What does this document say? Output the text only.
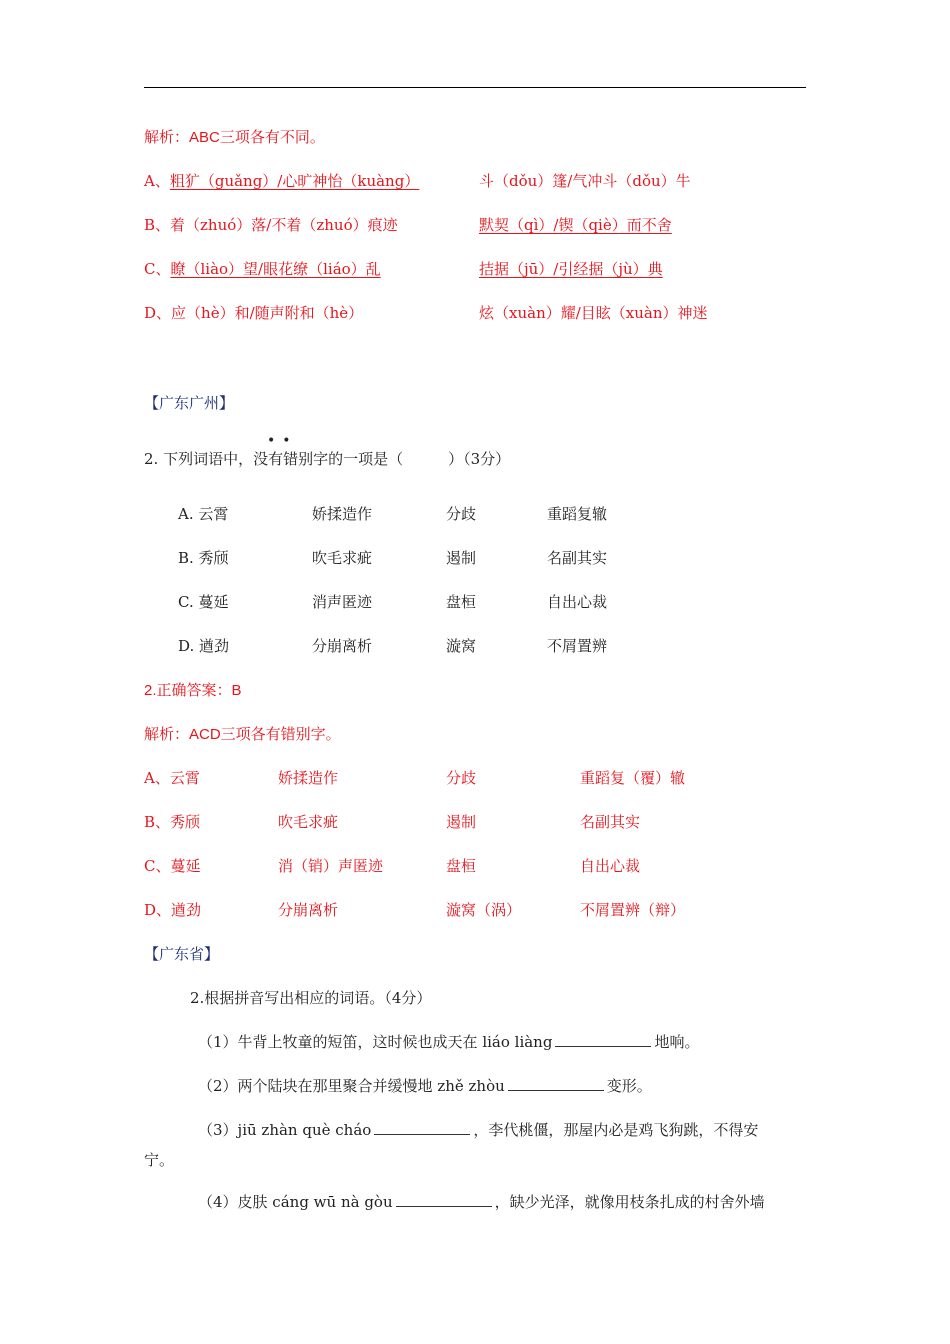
解析：ABC三项各有不同。
A、粗犷（guǎng）/心旷神怡（kuàng）	斗（dǒu）篷/气冲斗（dǒu）牛
B、着（zhuó）落/不着（zhuó）痕迹	默契（qì）/锲（qiè）而不舍
C、瞭（liào）望/眼花缭（liáo）乱	拮据（jū）/引经据（jù）典
D、应（hè）和/随声附和（hè）	炫（xuàn）耀/目眩（xuàn）神迷
【广东广州】
••
2. 下列词语中，没有错别字的一项是（　　　）（3分）
A. 云霄	娇揉造作	分歧	重蹈复辙
B. 秀颀	吹毛求疵	遏制	名副其实
C. 蔓延	消声匿迹	盘桓	自出心裁
D. 遒劲	分崩离析	漩窝	不屑置辨
2.正确答案：B
解析：ACD三项各有错别字。
A、云霄	娇揉造作	分歧	重蹈复（覆）辙
B、秀颀	吹毛求疵	遏制	名副其实
C、蔓延	消（销）声匿迹	盘桓	自出心裁
D、遒劲	分崩离析	漩窝（涡）	不屑置辨（辩）
【广东省】
2.根据拼音写出相应的词语。（4分）
（1）牛背上牧童的短笛，这时候也成天在 liáo liàng	地响。
（2）两个陆块在那里聚合并缓慢地 zhě zhòu	变形。
（3）jiū zhàn què cháo	，李代桃僵，那屋内必是鸡飞狗跳，不得安
宁。
（4）皮肤 cáng wū nà gòu	，缺少光泽，就像用枝条扎成的村舍外墙
